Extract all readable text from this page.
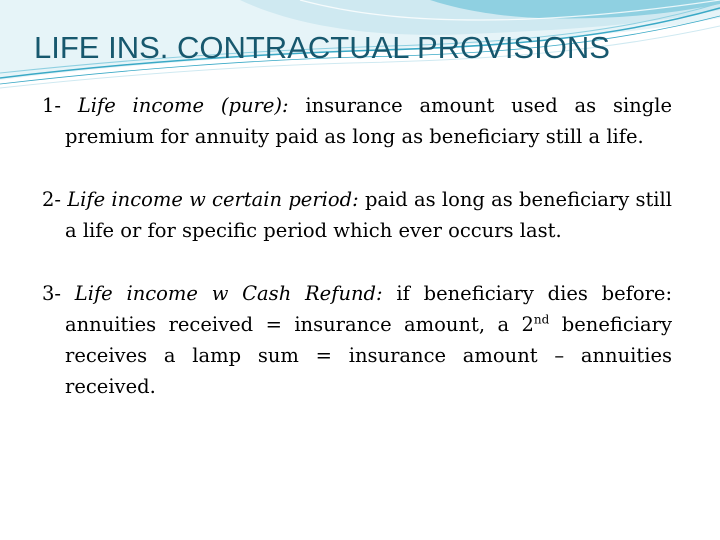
LIFE INS. CONTRACTUAL PROVISIONS

1- Life income (pure): insurance amount used as single premium for annuity paid as long as beneficiary still a life.

2- Life income w certain period: paid as long as beneficiary still a life or for specific period which ever occurs last.

3- Life income w Cash Refund: if beneficiary dies before: annuities received = insurance amount, a 2nd beneficiary receives a lamp sum = insurance amount – annuities received.
